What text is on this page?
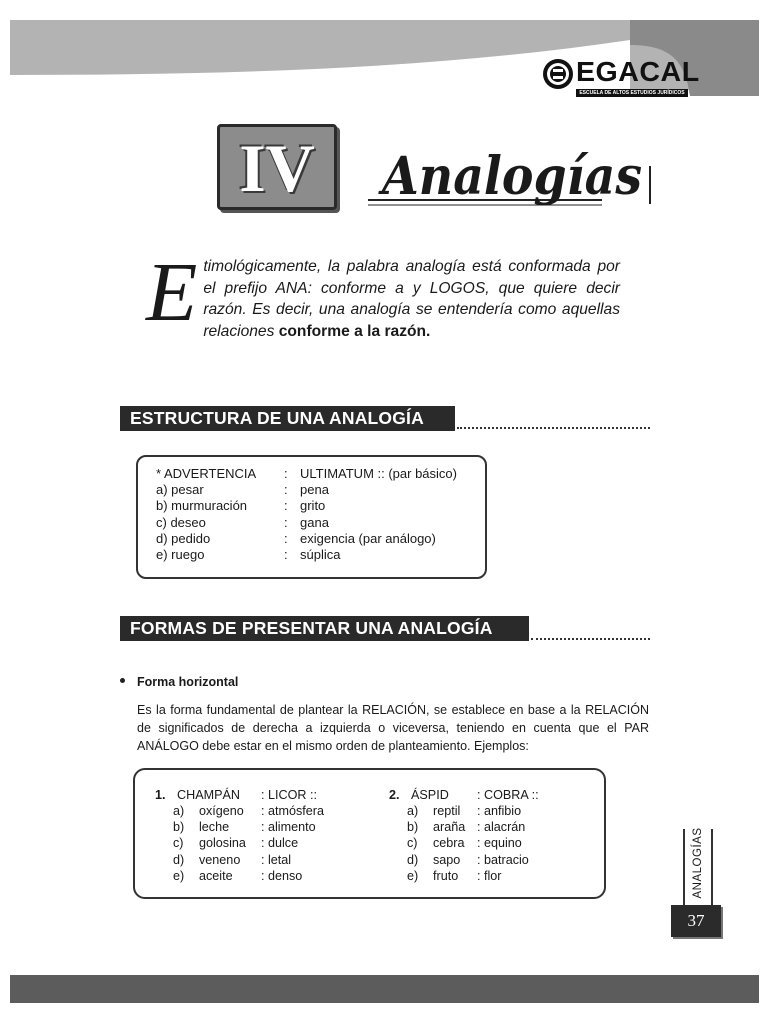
EGACAL
ESCUELA DE ALTOS ESTUDIOS JURÍDICOS
IV	Analogías
Etimológicamente, la palabra analogía está conformada por el prefijo ANA: conforme a y LOGOS, que quiere decir razón. Es decir, una analogía se entendería como aquellas relaciones conforme a la razón.
ESTRUCTURA DE UNA ANALOGÍA
* ADVERTENCIA : ULTIMATUM :: (par básico)
a) pesar	: pena
b) murmuración	: grito
c) deseo	: gana
d) pedido	: exigencia (par análogo)
e) ruego	: súplica
FORMAS DE PRESENTAR UNA ANALOGÍA
Forma horizontal
Es la forma fundamental de plantear la RELACIÓN, se establece en base a la RELACIÓN de significados de derecha a izquierda o viceversa, teniendo en cuenta que el PAR ANÁLOGO debe estar en el mismo orden de planteamiento. Ejemplos:
1. CHAMPÁN : LICOR ::
a) oxígeno : atmósfera
b) leche	: alimento
c) golosina : dulce
d) veneno : letal
e) aceite : denso
2. ÁSPID : COBRA ::
a) reptil : anfibio
b) araña : alacrán
c) cebra : equino
d) sapo : batracio
e) fruto : flor	ANALOGÍAS
37
